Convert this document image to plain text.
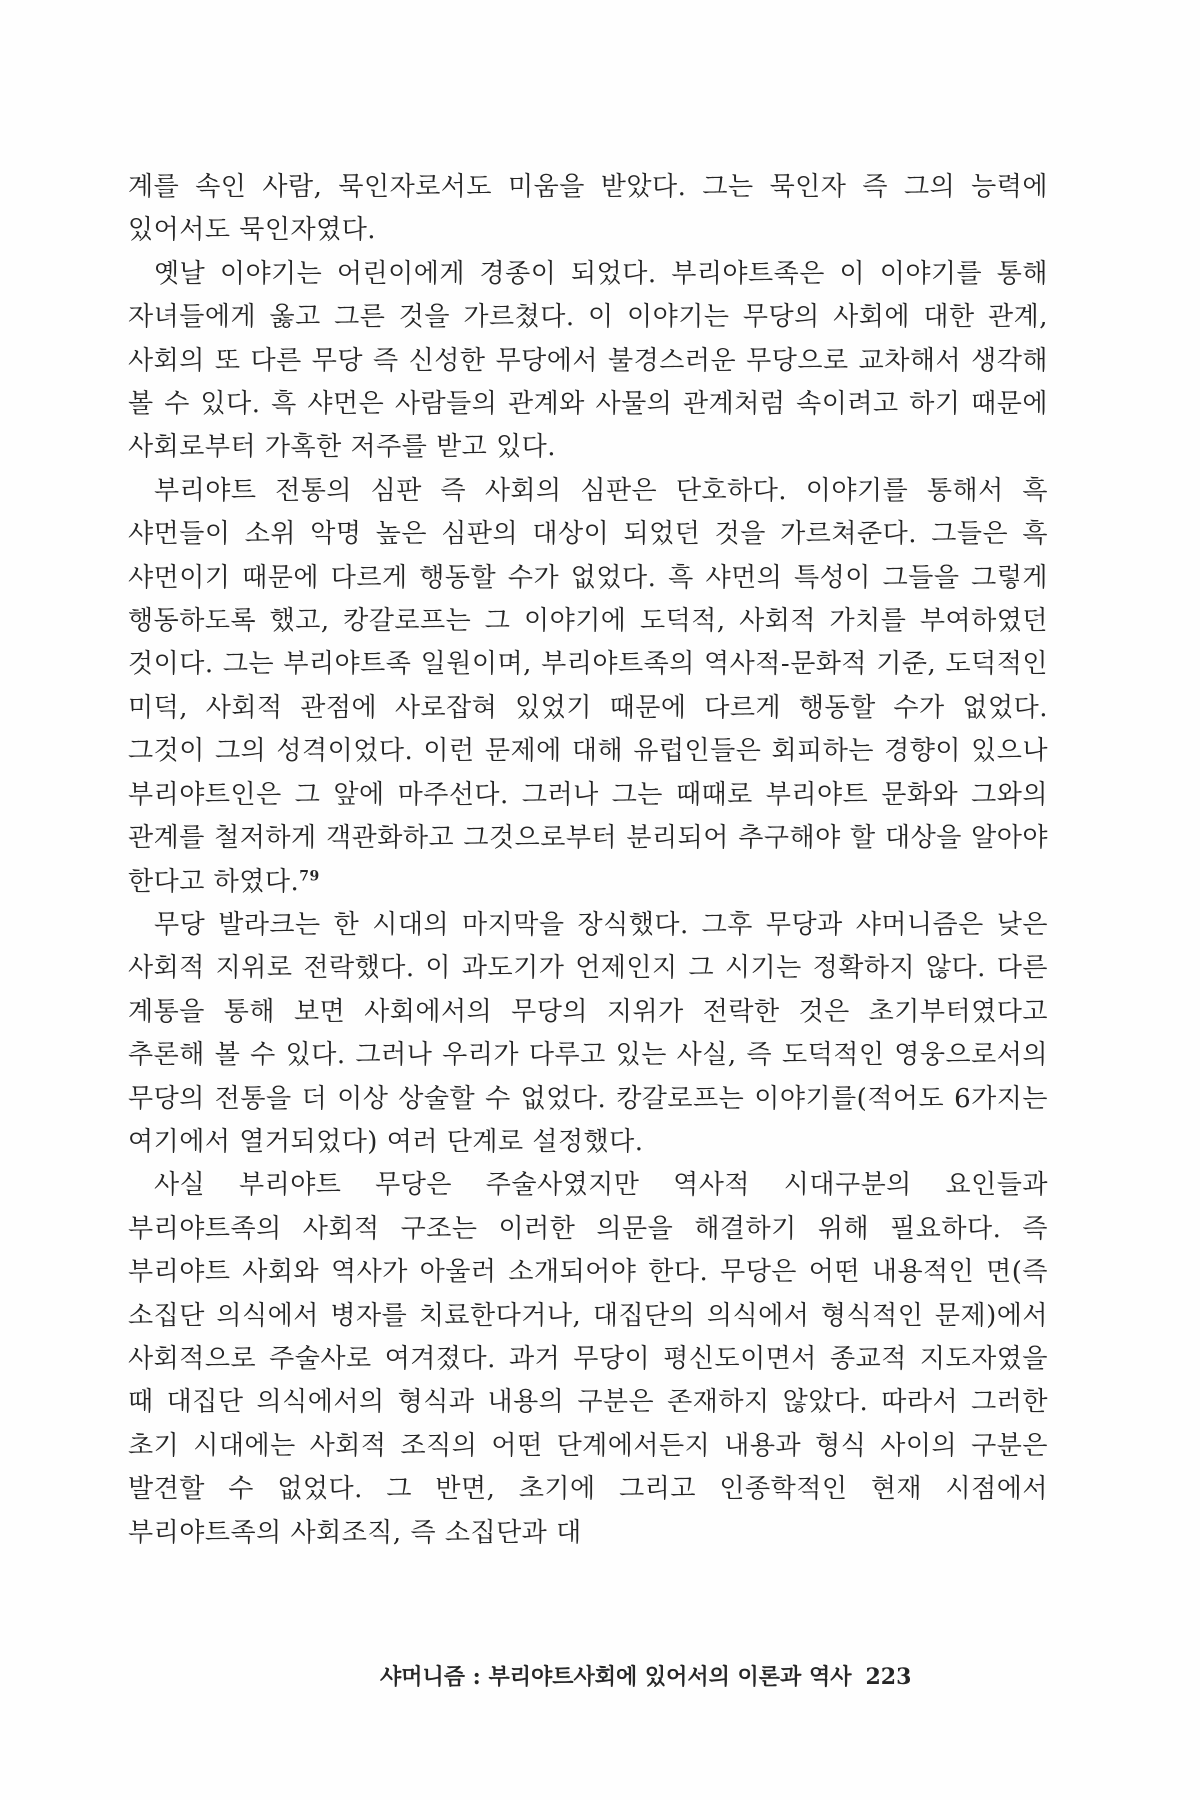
계를 속인 사람, 묵인자로서도 미움을 받았다. 그는 묵인자 즉 그의 능력에 있어서도 묵인자였다.

옛날 이야기는 어린이에게 경종이 되었다. 부리야트족은 이 이야기를 통해 자녀들에게 옳고 그른 것을 가르쳤다. 이 이야기는 무당의 사회에 대한 관계, 사회의 또 다른 무당 즉 신성한 무당에서 불경스러운 무당으로 교차해서 생각해 볼 수 있다. 흑 샤먼은 사람들의 관계와 사물의 관계처럼 속이려고 하기 때문에 사회로부터 가혹한 저주를 받고 있다.

부리야트 전통의 심판 즉 사회의 심판은 단호하다. 이야기를 통해서 흑 샤먼들이 소위 악명 높은 심판의 대상이 되었던 것을 가르쳐준다. 그들은 흑 샤먼이기 때문에 다르게 행동할 수가 없었다. 흑 샤먼의 특성이 그들을 그렇게 행동하도록 했고, 캉갈로프는 그 이야기에 도덕적, 사회적 가치를 부여하였던 것이다. 그는 부리야트족 일원이며, 부리야트족의 역사적-문화적 기준, 도덕적인 미덕, 사회적 관점에 사로잡혀 있었기 때문에 다르게 행동할 수가 없었다. 그것이 그의 성격이었다. 이런 문제에 대해 유럽인들은 회피하는 경향이 있으나 부리야트인은 그 앞에 마주선다. 그러나 그는 때때로 부리야트 문화와 그와의 관계를 철저하게 객관화하고 그것으로부터 분리되어 추구해야 할 대상을 알아야 한다고 하였다.$^{79}$

무당 발라크는 한 시대의 마지막을 장식했다. 그후 무당과 샤머니즘은 낮은 사회적 지위로 전락했다. 이 과도기가 언제인지 그 시기는 정확하지 않다. 다른 계통을 통해 보면 사회에서의 무당의 지위가 전락한 것은 초기부터였다고 추론해 볼 수 있다. 그러나 우리가 다루고 있는 사실, 즉 도덕적인 영웅으로서의 무당의 전통을 더 이상 상술할 수 없었다. 캉갈로프는 이야기를(적어도 6가지는 여기에서 열거되었다) 여러 단계로 설정했다.

사실 부리야트 무당은 주술사였지만 역사적 시대구분의 요인들과 부리야트족의 사회적 구조는 이러한 의문을 해결하기 위해 필요하다. 즉 부리야트 사회와 역사가 아울러 소개되어야 한다. 무당은 어떤 내용적인 면(즉 소집단 의식에서 병자를 치료한다거나, 대집단의 의식에서 형식적인 문제)에서 사회적으로 주술사로 여겨졌다. 과거 무당이 평신도이면서 종교적 지도자였을 때 대집단 의식에서의 형식과 내용의 구분은 존재하지 않았다. 따라서 그러한 초기 시대에는 사회적 조직의 어떤 단계에서든지 내용과 형식 사이의 구분은 발견할 수 없었다. 그 반면, 초기에 그리고 인종학적인 현재 시점에서 부리야트족의 사회조직, 즉 소집단과 대

샤머니즘 : 부리야트사회에 있어서의 이론과 역사 223
